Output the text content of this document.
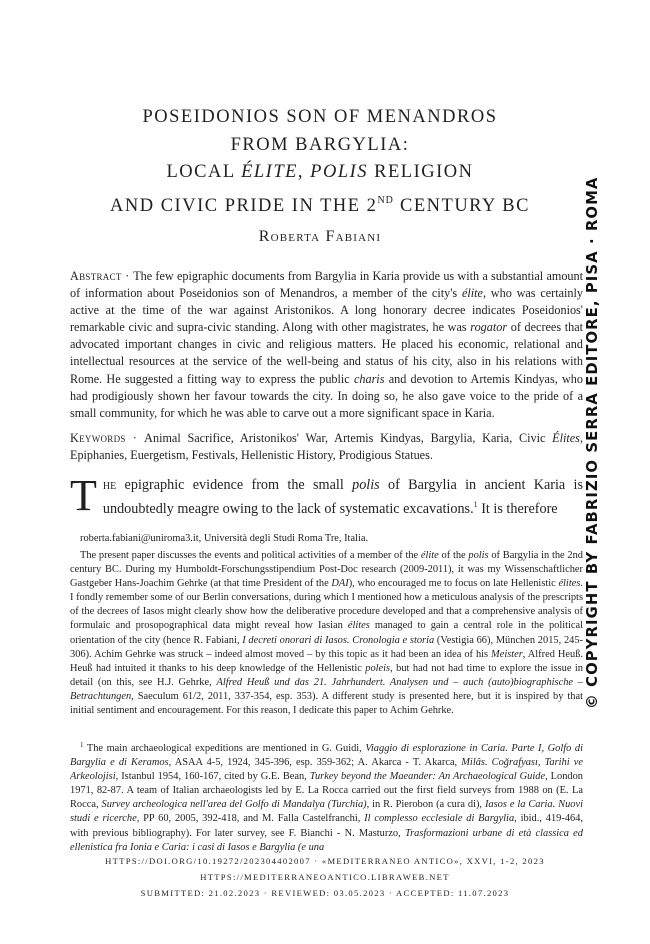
POSEIDONIOS SON OF MENANDROS
FROM BARGYLIA:
LOCAL ÉLITE, POLIS RELIGION
AND CIVIC PRIDE IN THE 2ND CENTURY BC
Roberta Fabiani

Abstract · The few epigraphic documents from Bargylia in Karia provide us with a substantial amount of information about Poseidonios son of Menandros, a member of the city's élite, who was certainly active at the time of the war against Aristonikos. A long honorary decree indicates Poseidonios' remarkable civic and supra-civic standing. Along with other magistrates, he was rogator of decrees that advocated important changes in civic and religious matters. He placed his economic, relational and intellectual resources at the service of the well-being and status of his city, also in his relations with Rome. He suggested a fitting way to express the public charis and devotion to Artemis Kindyas, who had prodigiously shown her favour towards the city. In doing so, he also gave voice to the pride of a small community, for which he was able to carve out a more significant space in Karia.

Keywords · Animal Sacrifice, Aristonikos' War, Artemis Kindyas, Bargylia, Karia, Civic Élites, Epiphanies, Euergetism, Festivals, Hellenistic History, Prodigious Statues.

The epigraphic evidence from the small polis of Bargylia in ancient Karia is undoubtedly meagre owing to the lack of systematic excavations.$^1$ It is therefore

roberta.fabiani@uniroma3.it, Università degli Studi Roma Tre, Italia.

The present paper discusses the events and political activities of a member of the élite of the polis of Bargylia in the 2nd century BC. During my Humboldt-Forschungsstipendium Post-Doc research (2009-2011), it was my Wissenschaftlicher Gastgeber Hans-Joachim Gehrke (at that time President of the DAI), who encouraged me to focus on late Hellenistic élites. I fondly remember some of our Berlin conversations, during which I mentioned how a meticulous analysis of the prescripts of the decrees of Iasos might clearly show how the deliberative procedure developed and that a comprehensive analysis of formulaic and prosopographical data might reveal how Iasian élites managed to gain a central role in the political orientation of the city (hence R. Fabiani, I decreti onorari di Iasos. Cronologia e storia (Vestigia 66), München 2015, 245-306). Achim Gehrke was struck – indeed almost moved – by this topic as it had been an idea of his Meister, Alfred Heuß. Heuß had intuited it thanks to his deep knowledge of the Hellenistic poleis, but had not had time to explore the issue in detail (on this, see H.J. Gehrke, Alfred Heuß und das 21. Jahrhundert. Analysen und – auch (auto)biographische – Betrachtungen, Saeculum 61/2, 2011, 337-354, esp. 353). A different study is presented here, but it is inspired by that initial sentiment and encouragement. For this reason, I dedicate this paper to Achim Gehrke.

$^1$ The main archaeological expeditions are mentioned in G. Guidi, Viaggio di esplorazione in Caria. Parte I, Golfo di Bargylia e di Keramos, ASAA 4-5, 1924, 345-396, esp. 359-362; A. Akarca - T. Akarca, Milâs. Coğrafyası, Tarihi ve Arkeolojisi, Istanbul 1954, 160-167, cited by G.E. Bean, Turkey beyond the Maeander: An Archaeological Guide, London 1971, 82-87. A team of Italian archaeologists led by E. La Rocca carried out the first field surveys from 1988 on (E. La Rocca, Survey archeologica nell'area del Golfo di Mandalya (Turchia), in R. Pierobon (a cura di), Iasos e la Caria. Nuovi studi e ricerche, PP 60, 2005, 392-418, and M. Falla Castelfranchi, Il complesso ecclesiale di Bargylia, ibid., 419-464, with previous bibliography). For later survey, see F. Bianchi - N. Masturzo, Trasformazioni urbane di età classica ed ellenistica fra Ionia e Caria: i casi di Iasos e Bargylia (e una

HTTPS://DOI.ORG/10.19272/202304402007 · «MEDITERRANEO ANTICO», XXVI, 1-2, 2023
HTTPS://MEDITERRANEOANTICO.LIBRAWEB.NET
SUBMITTED: 21.02.2023 · REVIEWED: 03.05.2023 · ACCEPTED: 11.07.2023
© COPYRIGHT BY FABRIZIO SERRA EDITORE, PISA · ROMA
